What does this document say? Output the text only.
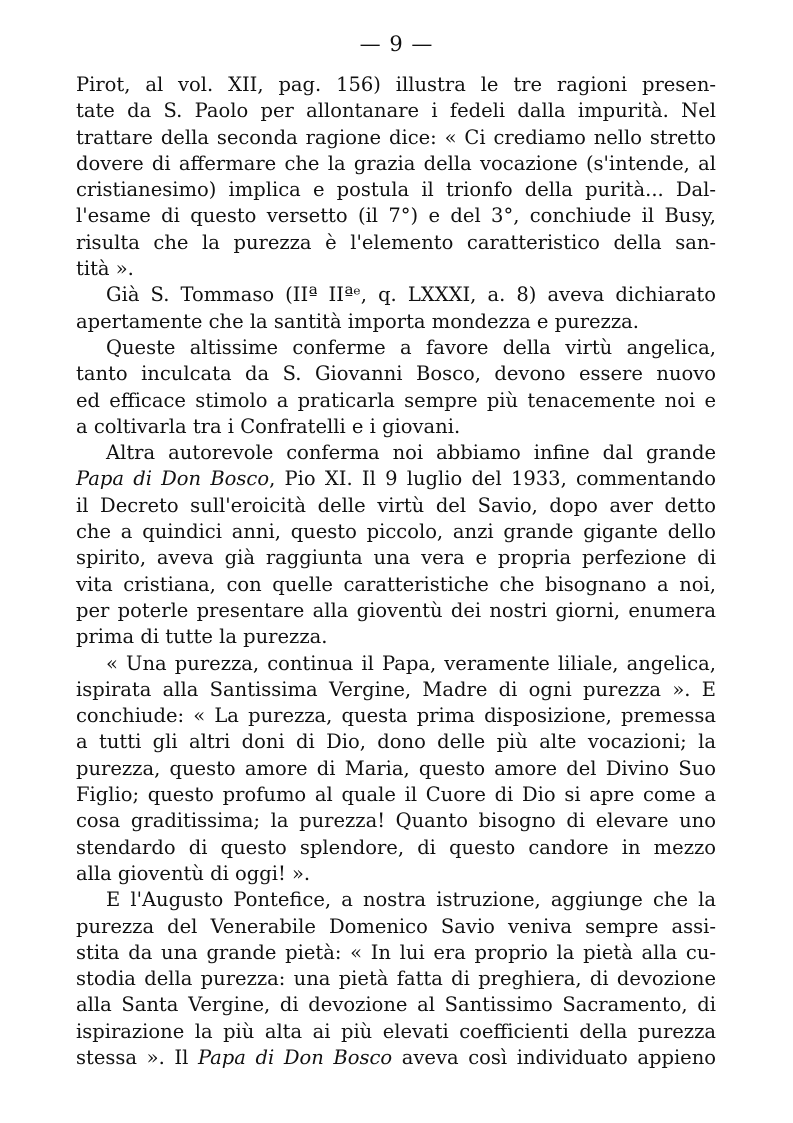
— 9 —
Pirot, al vol. XII, pag. 156) illustra le tre ragioni presen-
tate da S. Paolo per allontanare i fedeli dalla impurità. Nel
trattare della seconda ragione dice: « Ci crediamo nello stretto
dovere di affermare che la grazia della vocazione (s'intende, al
cristianesimo) implica e postula il trionfo della purità... Dal-
l'esame di questo versetto (il 7°) e del 3°, conchiude il Busy,
risulta che la purezza è l'elemento caratteristico della san-
tità ».
Già S. Tommaso (IIª IIªᵉ, q. LXXXI, a. 8) aveva dichiarato
apertamente che la santità importa mondezza e purezza.
Queste altissime conferme a favore della virtù angelica,
tanto inculcata da S. Giovanni Bosco, devono essere nuovo
ed efficace stimolo a praticarla sempre più tenacemente noi e
a coltivarla tra i Confratelli e i giovani.
Altra autorevole conferma noi abbiamo infine dal grande
Papa di Don Bosco, Pio XI. Il 9 luglio del 1933, commentando
il Decreto sull'eroicità delle virtù del Savio, dopo aver detto
che a quindici anni, questo piccolo, anzi grande gigante dello
spirito, aveva già raggiunta una vera e propria perfezione di
vita cristiana, con quelle caratteristiche che bisognano a noi,
per poterle presentare alla gioventù dei nostri giorni, enumera
prima di tutte la purezza.
« Una purezza, continua il Papa, veramente liliale, angelica,
ispirata alla Santissima Vergine, Madre di ogni purezza ». E
conchiude: « La purezza, questa prima disposizione, premessa
a tutti gli altri doni di Dio, dono delle più alte vocazioni; la
purezza, questo amore di Maria, questo amore del Divino Suo
Figlio; questo profumo al quale il Cuore di Dio si apre come a
cosa graditissima; la purezza! Quanto bisogno di elevare uno
stendardo di questo splendore, di questo candore in mezzo
alla gioventù di oggi! ».
E l'Augusto Pontefice, a nostra istruzione, aggiunge che la
purezza del Venerabile Domenico Savio veniva sempre assi-
stita da una grande pietà: « In lui era proprio la pietà alla cu-
stodia della purezza: una pietà fatta di preghiera, di devozione
alla Santa Vergine, di devozione al Santissimo Sacramento, di
ispirazione la più alta ai più elevati coefficienti della purezza
stessa ». Il Papa di Don Bosco aveva così individuato appieno
